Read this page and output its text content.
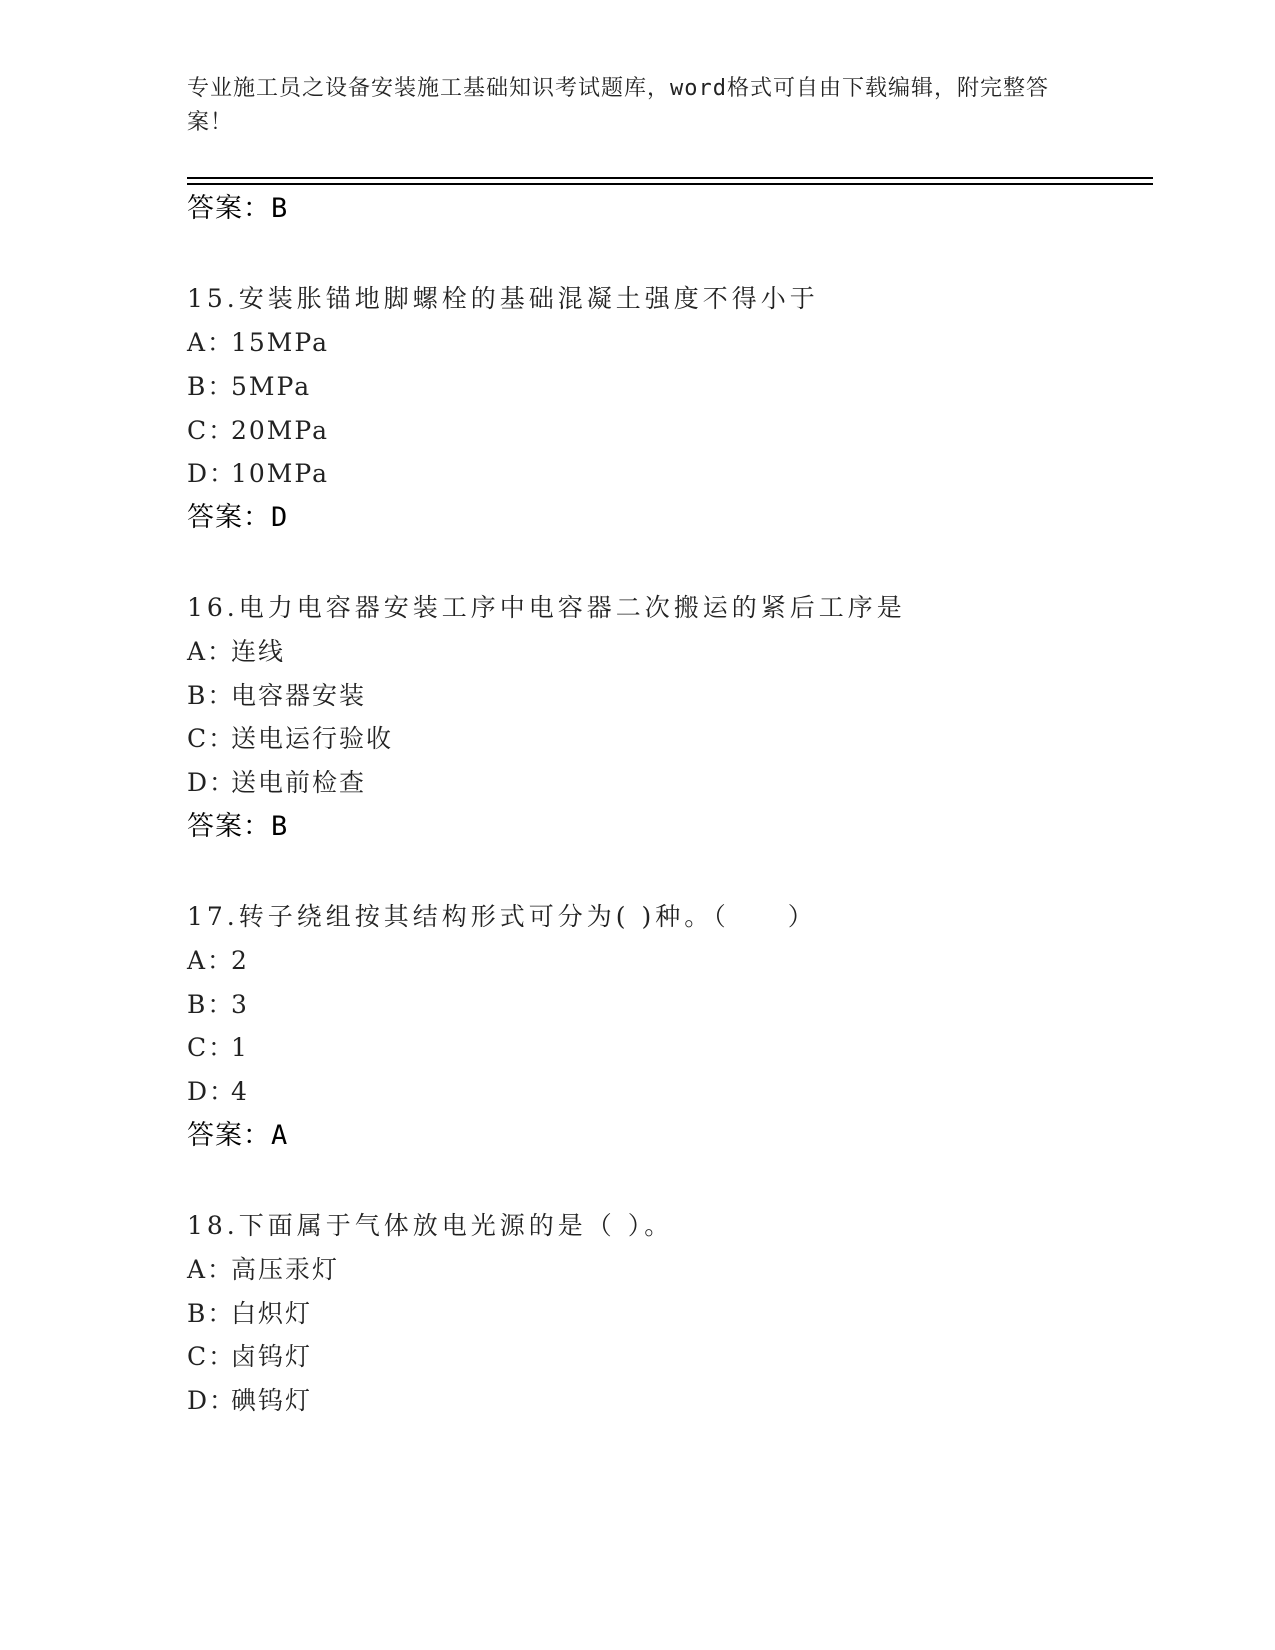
专业施工员之设备安装施工基础知识考试题库，word格式可自由下载编辑，附完整答案！
答案：B
15.安装胀锚地脚螺栓的基础混凝土强度不得小于
A：15MPa
B：5MPa
C：20MPa
D：10MPa
答案：D
16.电力电容器安装工序中电容器二次搬运的紧后工序是
A：连线
B：电容器安装
C：送电运行验收
D：送电前检查
答案：B
17.转子绕组按其结构形式可分为( )种。（　　）
A：2
B：3
C：1
D：4
答案：A
18.下面属于气体放电光源的是（ ）。
A：高压汞灯
B：白炽灯
C：卤钨灯
D：碘钨灯
